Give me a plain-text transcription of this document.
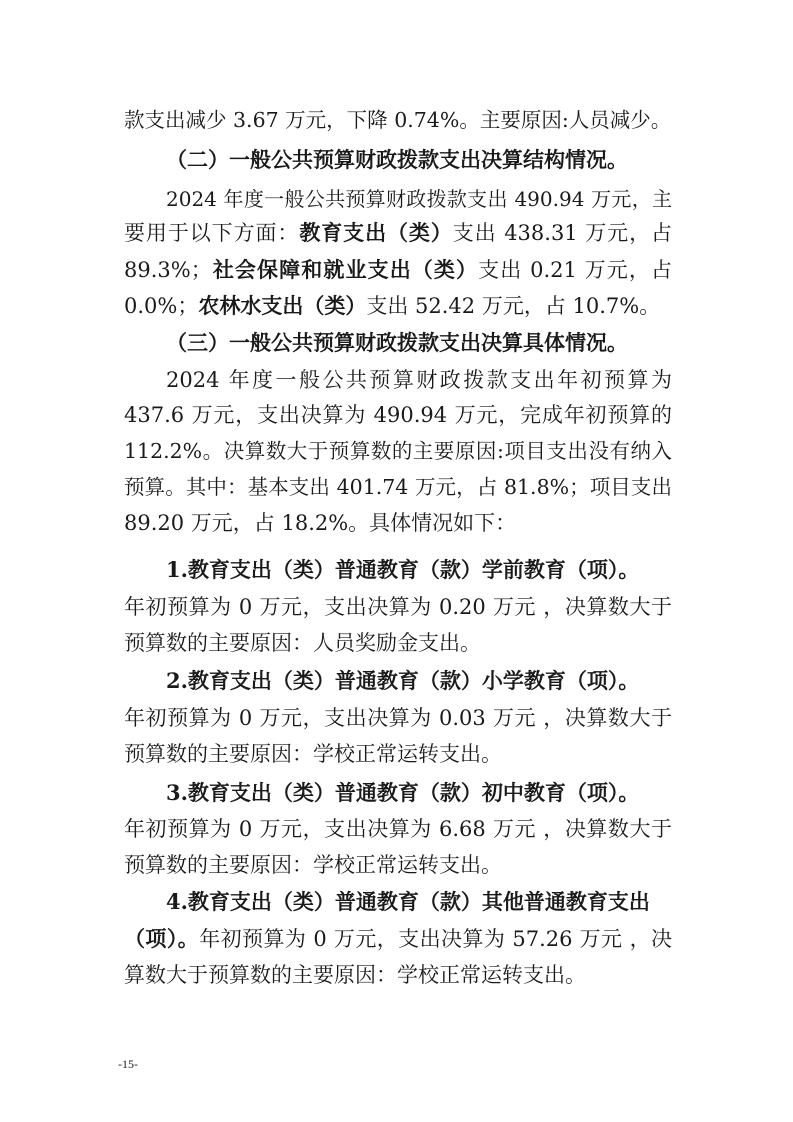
款支出减少 3.67 万元，下降 0.74%。主要原因:人员减少。
（二）一般公共预算财政拨款支出决算结构情况。
2024 年度一般公共预算财政拨款支出 490.94 万元，主
要用于以下方面：教育支出（类）支出 438.31 万元，占
89.3%；社会保障和就业支出（类）支出 0.21 万元，占
0.0%；农林水支出（类）支出 52.42 万元，占 10.7%。
（三）一般公共预算财政拨款支出决算具体情况。
2024 年度一般公共预算财政拨款支出年初预算为
437.6 万元，支出决算为 490.94 万元，完成年初预算的
112.2%。决算数大于预算数的主要原因:项目支出没有纳入
预算。其中：基本支出 401.74 万元，占 81.8%；项目支出
89.20 万元，占 18.2%。具体情况如下：
1.教育支出（类）普通教育（款）学前教育（项）。
年初预算为 0 万元，支出决算为 0.20 万元 ，决算数大于
预算数的主要原因：人员奖励金支出。
2.教育支出（类）普通教育（款）小学教育（项）。
年初预算为 0 万元，支出决算为 0.03 万元 ，决算数大于
预算数的主要原因：学校正常运转支出。
3.教育支出（类）普通教育（款）初中教育（项）。
年初预算为 0 万元，支出决算为 6.68 万元 ，决算数大于
预算数的主要原因：学校正常运转支出。
4.教育支出（类）普通教育（款）其他普通教育支出
（项）。年初预算为 0 万元，支出决算为 57.26 万元 ，决
算数大于预算数的主要原因：学校正常运转支出。
-15-
